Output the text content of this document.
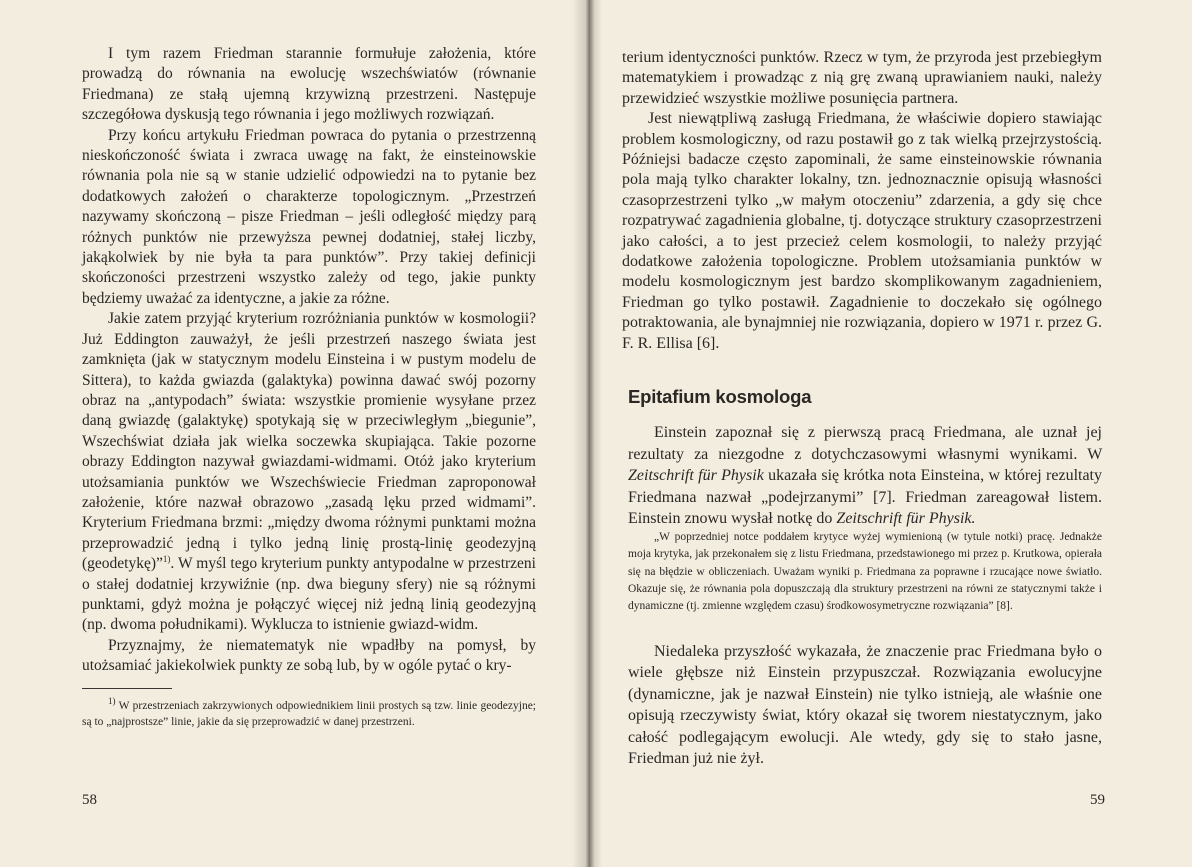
I tym razem Friedman starannie formułuje założenia, które prowadzą do równania na ewolucję wszechświatów (równanie Friedmana) ze stałą ujemną krzywizną przestrzeni. Następuje szczegółowa dyskusją tego równania i jego możliwych rozwiązań.

Przy końcu artykułu Friedman powraca do pytania o przestrzenną nieskończoność świata i zwraca uwagę na fakt, że einsteinowskie równania pola nie są w stanie udzielić odpowiedzi na to pytanie bez dodatkowych założeń o charakterze topologicznym. „Przestrzeń nazywamy skończoną – pisze Friedman – jeśli odległość między parą różnych punktów nie przewyższa pewnej dodatniej, stałej liczby, jakąkolwiek by nie była ta para punktów”. Przy takiej definicji skończoności przestrzeni wszystko zależy od tego, jakie punkty będziemy uważać za identyczne, a jakie za różne.

Jakie zatem przyjąć kryterium rozróżniania punktów w kosmologii? Już Eddington zauważył, że jeśli przestrzeń naszego świata jest zamknięta (jak w statycznym modelu Einsteina i w pustym modelu de Sittera), to każda gwiazda (galaktyka) powinna dawać swój pozorny obraz na „antypodach” świata: wszystkie promienie wysyłane przez daną gwiazdę (galaktykę) spotykają się w przeciwległym „biegunie”, Wszechświat działa jak wielka soczewka skupiająca. Takie pozorne obrazy Eddington nazywał gwiazdami-widmami. Otóż jako kryterium utożsamiania punktów we Wszechświecie Friedman zaproponował założenie, które nazwał obrazowo „zasadą lęku przed widmami”. Kryterium Friedmana brzmi: „między dwoma różnymi punktami można przeprowadzić jedną i tylko jedną linię prostą-linię geodezyjną (geodetykę)”$^{1)}$. W myśl tego kryterium punkty antypodalne w przestrzeni o stałej dodatniej krzywiźnie (np. dwa bieguny sfery) nie są różnymi punktami, gdyż można je połączyć więcej niż jedną linią geodezyjną (np. dwoma południkami). Wyklucza to istnienie gwiazd-widm.

Przyznajmy, że niematematyk nie wpadłby na pomysł, by utożsamiać jakiekolwiek punkty ze sobą lub, by w ogóle pytać o kry-

$^{1)}$ W przestrzeniach zakrzywionych odpowiednikiem linii prostych są tzw. linie geodezyjne; są to „najprostsze” linie, jakie da się przeprowadzić w danej przestrzeni.
58

terium identyczności punktów. Rzecz w tym, że przyroda jest przebiegłym matematykiem i prowadząc z nią grę zwaną uprawianiem nauki, należy przewidzieć wszystkie możliwe posunięcia partnera.

Jest niewątpliwą zasługą Friedmana, że właściwie dopiero stawiając problem kosmologiczny, od razu postawił go z tak wielką przejrzystością. Późniejsi badacze często zapominali, że same einsteinowskie równania pola mają tylko charakter lokalny, tzn. jednoznacznie opisują własności czasoprzestrzeni tylko „w małym otoczeniu” zdarzenia, a gdy się chce rozpatrywać zagadnienia globalne, tj. dotyczące struktury czasoprzestrzeni jako całości, a to jest przecież celem kosmologii, to należy przyjąć dodatkowe założenia topologiczne. Problem utożsamiania punktów w modelu kosmologicznym jest bardzo skomplikowanym zagadnieniem, Friedman go tylko postawił. Zagadnienie to doczekało się ogólnego potraktowania, ale bynajmniej nie rozwiązania, dopiero w 1971 r. przez G. F. R. Ellisa [6].

Epitafium kosmologa

Einstein zapoznał się z pierwszą pracą Friedmana, ale uznał jej rezultaty za niezgodne z dotychczasowymi własnymi wynikami. W Zeitschrift für Physik ukazała się krótka nota Einsteina, w której rezultaty Friedmana nazwał „podejrzanymi” [7]. Friedman zareagował listem. Einstein znowu wysłał notkę do Zeitschrift für Physik.

„W poprzedniej notce poddałem krytyce wyżej wymienioną (w tytule notki) pracę. Jednakże moja krytyka, jak przekonałem się z listu Friedmana, przedstawionego mi przez p. Krutkowa, opierała się na błędzie w obliczeniach. Uważam wyniki p. Friedmana za poprawne i rzucające nowe światło. Okazuje się, że równania pola dopuszczają dla struktury przestrzeni na równi ze statycznymi także i dynamiczne (tj. zmienne względem czasu) środkowosymetryczne rozwiązania” [8].

Niedaleka przyszłość wykazała, że znaczenie prac Friedmana było o wiele głębsze niż Einstein przypuszczał. Rozwiązania ewolucyjne (dynamiczne, jak je nazwał Einstein) nie tylko istnieją, ale właśnie one opisują rzeczywisty świat, który okazał się tworem niestatycznym, jako całość podlegającym ewolucji. Ale wtedy, gdy się to stało jasne, Friedman już nie żył.

59
